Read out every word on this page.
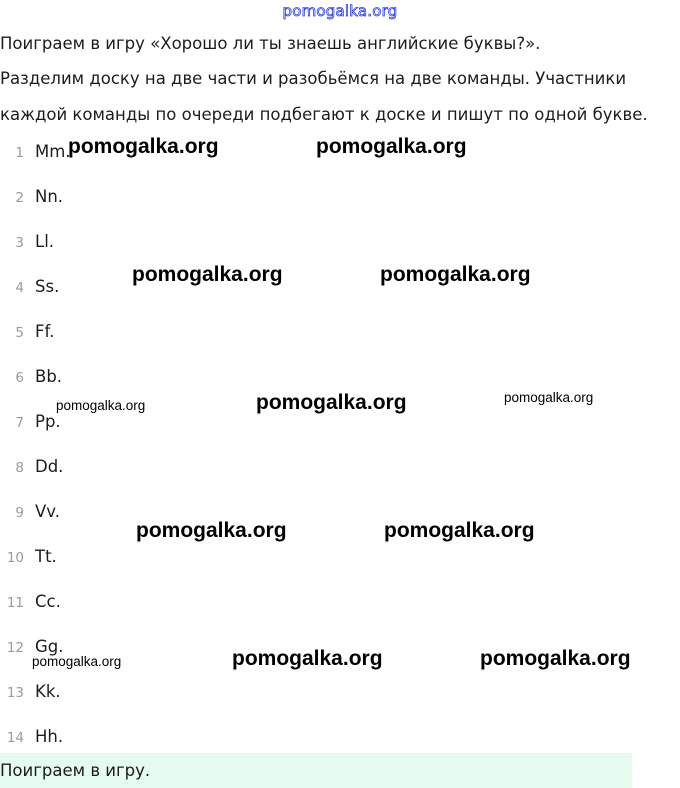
pomogalka.org
Поиграем в игру «Хорошо ли ты знаешь английские буквы?».
Разделим доску на две части и разобьёмся на две команды. Участники
каждой команды по очереди подбегают к доске и пишут по одной букве.
1 Mm.
2 Nn.
3 Ll.
4 Ss.
5 Ff.
6 Bb.
7 Pp.
8 Dd.
9 Vv.
10 Tt.
11 Cc.
12 Gg.
13 Kk.
14 Hh.
Поиграем в игру.
pomogalka.org	pomogalka.org
pomogalka.org	pomogalka.org
pomogalka.org	pomogalka.org	pomogalka.org
pomogalka.org	pomogalka.org
pomogalka.org	pomogalka.org	pomogalka.org
